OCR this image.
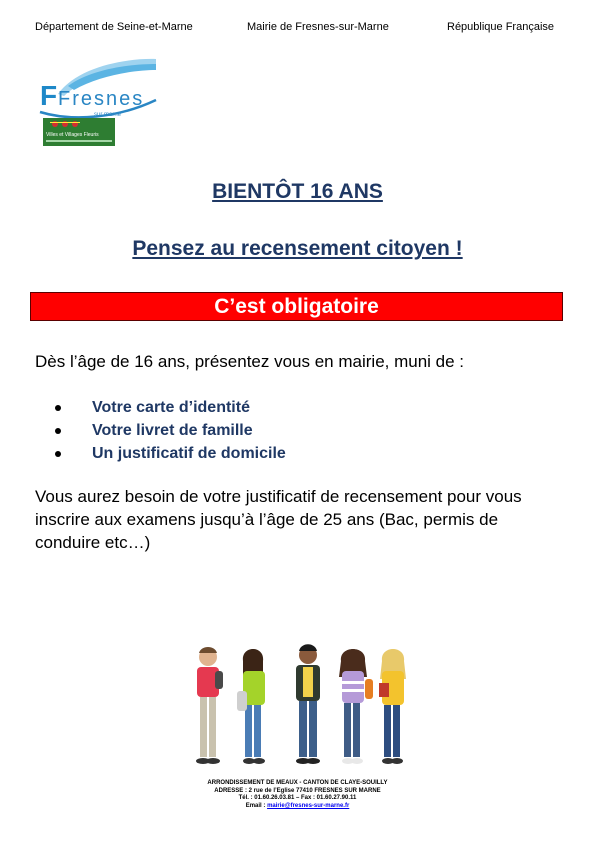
Département de Seine-et-Marne	Mairie de Fresnes-sur-Marne	République Française
F Fresnes
sur marne
Villes et Villages Fleuris
BIENTÔT 16 ANS
Pensez au recensement citoyen !
C’est obligatoire
Dès l’âge de 16 ans, présentez vous en mairie, muni de :
Votre carte d’identité
Votre livret de famille
Un justificatif de domicile
Vous aurez besoin de votre justificatif de recensement pour vous inscrire aux examens jusqu’à l’âge de 25 ans (Bac, permis de conduire etc…)
ARRONDISSEMENT DE MEAUX - CANTON DE CLAYE-SOUILLY
ADRESSE : 2 rue de l’Eglise 77410 FRESNES SUR MARNE
Tél. : 01.60.26.03.81 – Fax : 01.60.27.90.11
Email : mairie@fresnes-sur-marne.fr
